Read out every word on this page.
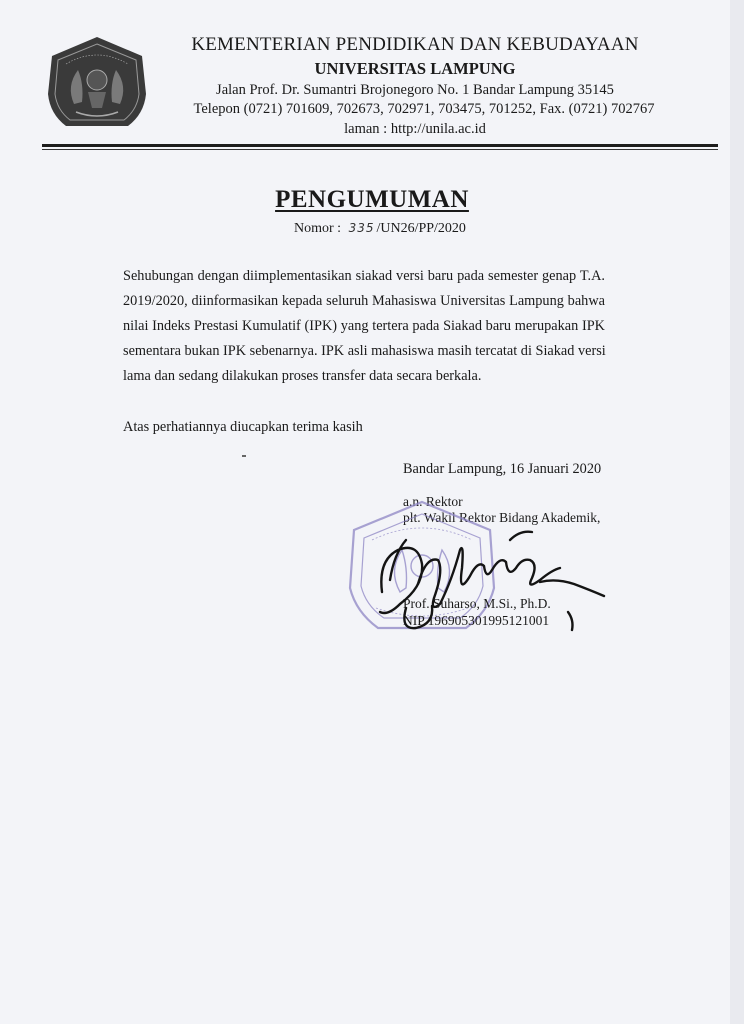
KEMENTERIAN PENDIDIKAN DAN KEBUDAYAAN
UNIVERSITAS LAMPUNG
Jalan Prof. Dr. Sumantri Brojonegoro No. 1 Bandar Lampung 35145
Telepon (0721) 701609, 702673, 702971, 703475, 701252, Fax. (0721) 702767
laman : http://unila.ac.id
PENGUMUMAN
Nomor : 335 /UN26/PP/2020
Sehubungan dengan diimplementasikan siakad versi baru pada semester genap T.A.
2019/2020, diinformasikan kepada seluruh Mahasiswa Universitas Lampung bahwa
nilai Indeks Prestasi Kumulatif (IPK) yang tertera pada Siakad baru merupakan IPK
sementara bukan IPK sebenarnya. IPK asli mahasiswa masih tercatat di Siakad versi
lama dan sedang dilakukan proses transfer data secara berkala.
Atas perhatiannya diucapkan terima kasih
Bandar Lampung, 16 Januari 2020
a.n. Rektor
plt. Wakil Rektor Bidang Akademik,
Prof. Suharso, M.Si., Ph.D.
NIP 196905301995121001
